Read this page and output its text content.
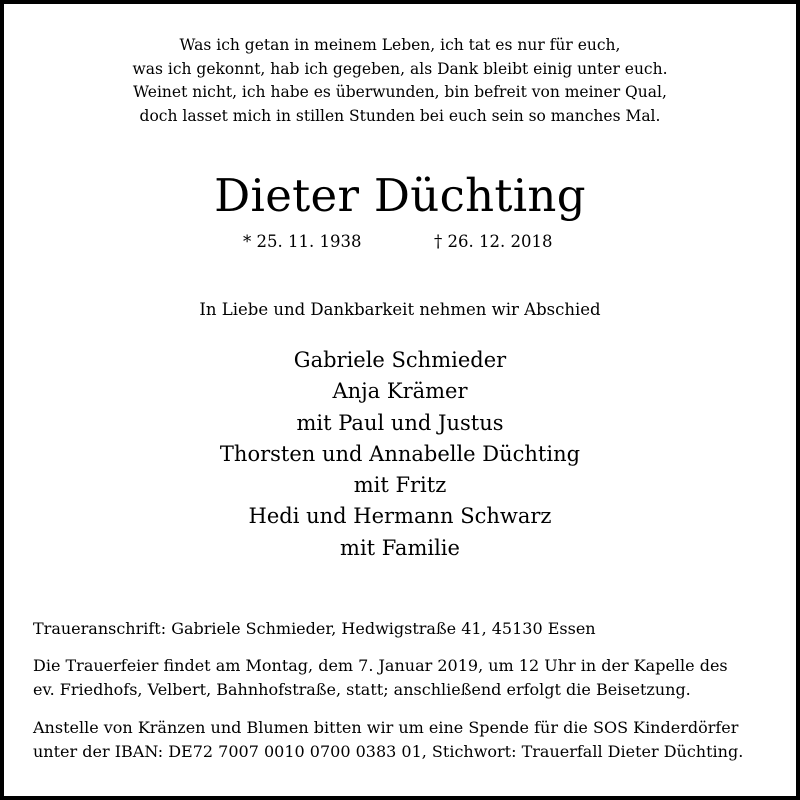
Was ich getan in meinem Leben, ich tat es nur für euch,
was ich gekonnt, hab ich gegeben, als Dank bleibt einig unter euch.
Weinet nicht, ich habe es überwunden, bin befreit von meiner Qual,
doch lasset mich in stillen Stunden bei euch sein so manches Mal.
Dieter Düchting
* 25. 11. 1938	† 26. 12. 2018
In Liebe und Dankbarkeit nehmen wir Abschied
Gabriele Schmieder
Anja Krämer
mit Paul und Justus
Thorsten und Annabelle Düchting
mit Fritz
Hedi und Hermann Schwarz
mit Familie
Traueranschrift: Gabriele Schmieder, Hedwigstraße 41, 45130 Essen
Die Trauerfeier findet am Montag, dem 7. Januar 2019, um 12 Uhr in der Kapelle des
ev. Friedhofs, Velbert, Bahnhofstraße, statt; anschließend erfolgt die Beisetzung.
Anstelle von Kränzen und Blumen bitten wir um eine Spende für die SOS Kinderdörfer
unter der IBAN: DE72 7007 0010 0700 0383 01, Stichwort: Trauerfall Dieter Düchting.
